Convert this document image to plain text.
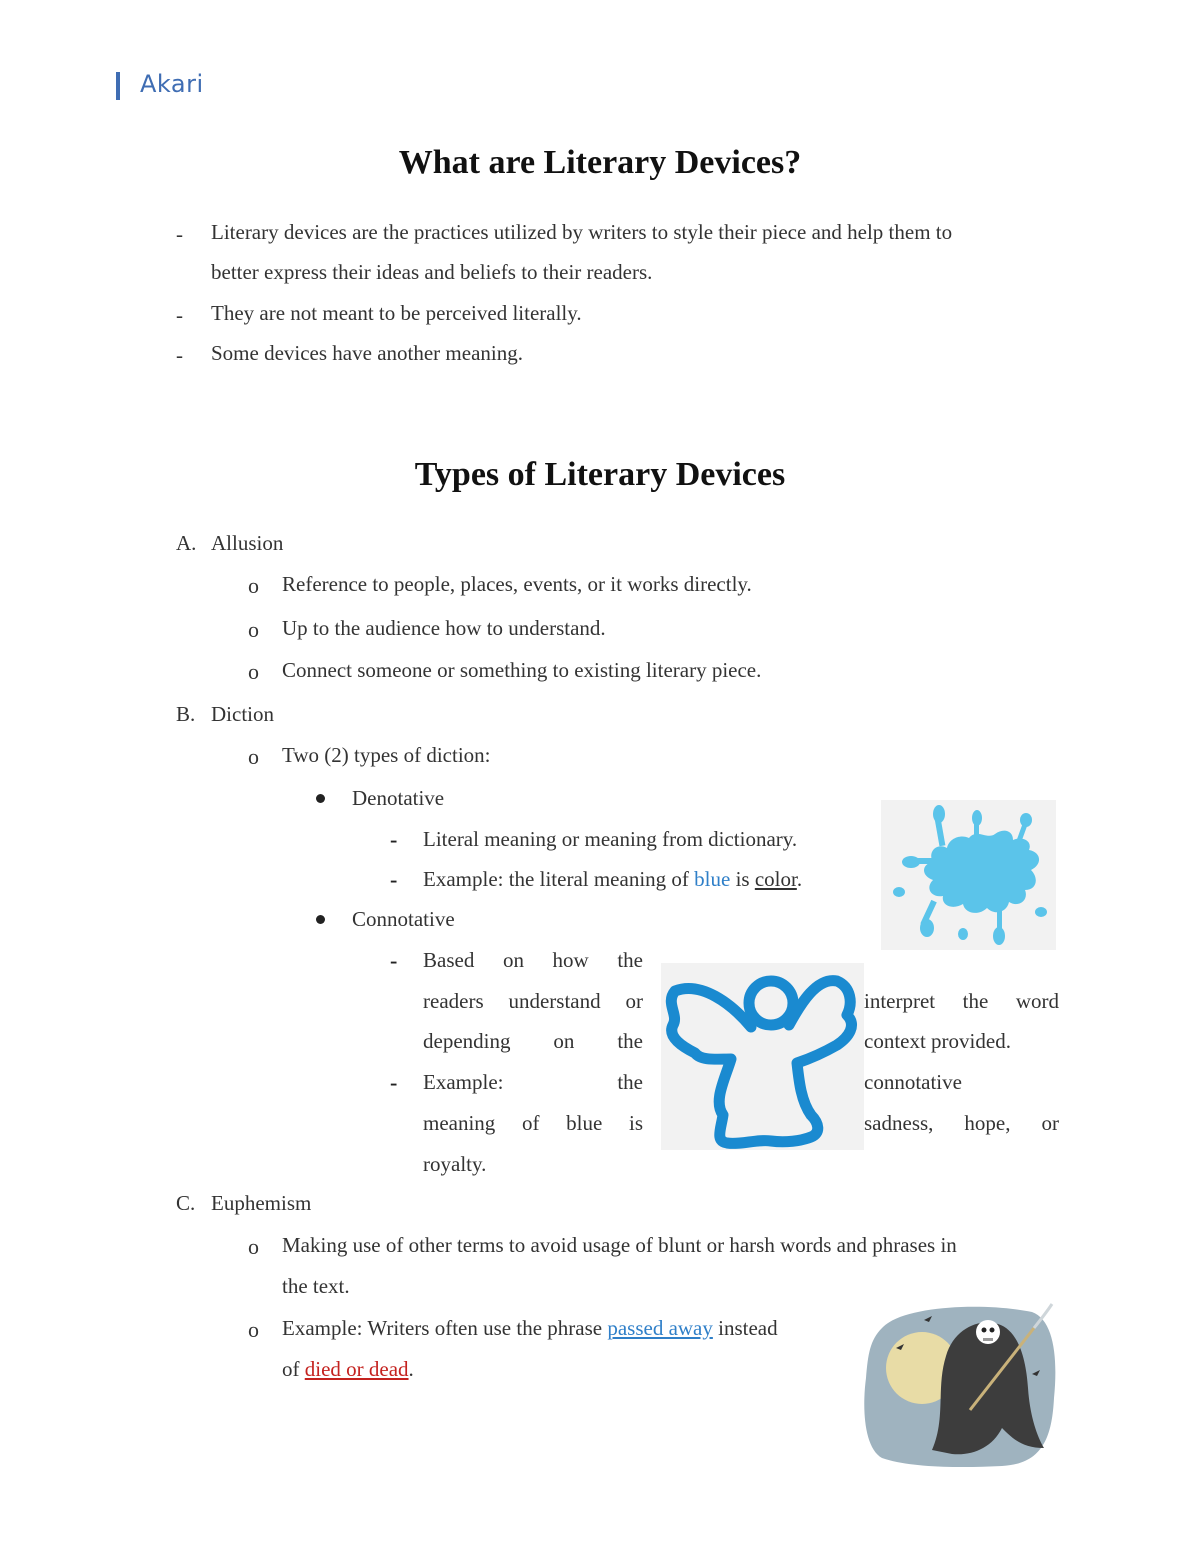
Akari
What are Literary Devices?
- Literary devices are the practices utilized by writers to style their piece and help them to
better express their ideas and beliefs to their readers.
- They are not meant to be perceived literally.
- Some devices have another meaning.
Types of Literary Devices
A. Allusion
o Reference to people, places, events, or it works directly.
o Up to the audience how to understand.
o Connect someone or something to existing literary piece.
B. Diction
o Two (2) types of diction:
Denotative
- Literal meaning or meaning from dictionary.
- Example: the literal meaning of blue is color.
Connotative
-
-
Based on how the
readers understand or
depending on the
Example:	the
meaning of blue is
royalty.
interpret the word
context provided.
connotative
sadness, hope, or
C. Euphemism
o Making use of other terms to avoid usage of blunt or harsh words and phrases in
the text.
o Example: Writers often use the phrase passed away instead
of died or dead.
